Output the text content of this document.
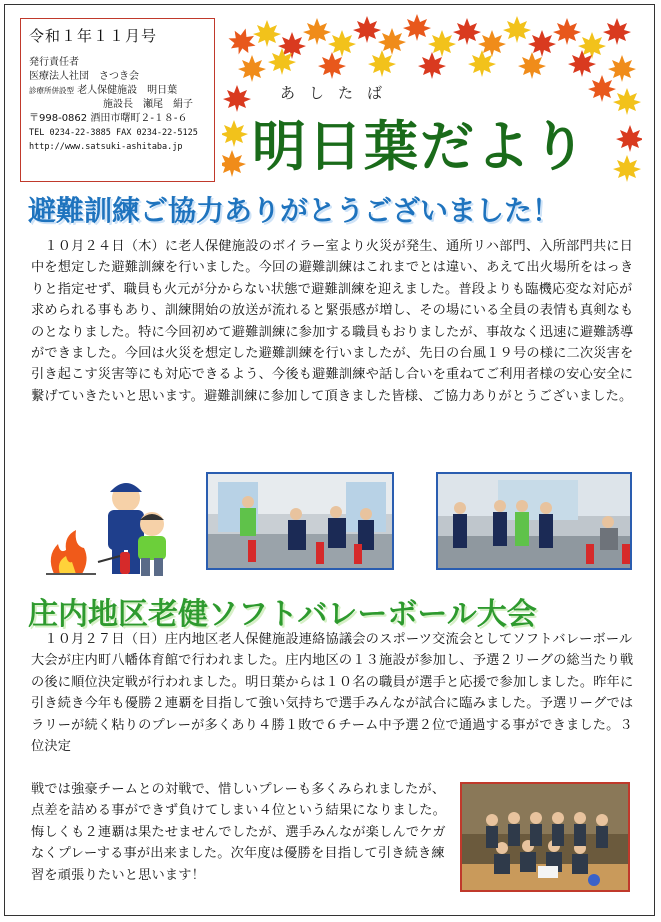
令和１年１１月号
発行責任者
医療法人社団　さつき会
診療所併設型 老人保健施設　明日葉
施設長　瀬尾　絹子
〒998-0862 酒田市曙町２-１８-６
TEL 0234-22-3885 FAX 0234-22-5125
http://www.satsuki-ashitaba.jp
あしたば
明日葉だより
避難訓練ご協力ありがとうございました！

　１０月２４日（木）に老人保健施設のボイラー室より火災が発生、通所リハ部門、入所部門共に日中を想定した避難訓練を行いました。今回の避難訓練はこれまでとは違い、あえて出火場所をはっきりと指定せず、職員も火元が分からない状態で避難訓練を迎えました。普段よりも臨機応変な対応が求められる事もあり、訓練開始の放送が流れると緊張感が増し、その場にいる全員の表情も真剣なものとなりました。特に今回初めて避難訓練に参加する職員もおりましたが、事故なく迅速に避難誘導ができました。今回は火災を想定した避難訓練を行いましたが、先日の台風１９号の様に二次災害を引き起こす災害等にも対応できるよう、今後も避難訓練や話し合いを重ねてご利用者様の安心安全に繋げていきたいと思います。避難訓練に参加して頂きました皆様、ご協力ありがとうございました。

庄内地区老健ソフトバレーボール大会

　１０月２７日（日）庄内地区老人保健施設連絡協議会のスポーツ交流会としてソフトバレーボール大会が庄内町八幡体育館で行われました。庄内地区の１３施設が参加し、予選２リーグの総当たり戦の後に順位決定戦が行われました。明日葉からは１０名の職員が選手と応援で参加しました。昨年に引き続き今年も優勝２連覇を目指して強い気持ちで選手みんなが試合に臨みました。予選リーグではラリーが続く粘りのプレーが多くあり４勝１敗で６チーム中予選２位で通過する事ができました。３位決定

戦では強豪チームとの対戦で、惜しいプレーも多くみられましたが、点差を詰める事ができず負けてしまい４位という結果になりました。悔しくも２連覇は果たせませんでしたが、選手みんなが楽しんでケガなくプレーする事が出来ました。次年度は優勝を目指して引き続き練習を頑張りたいと思います！
